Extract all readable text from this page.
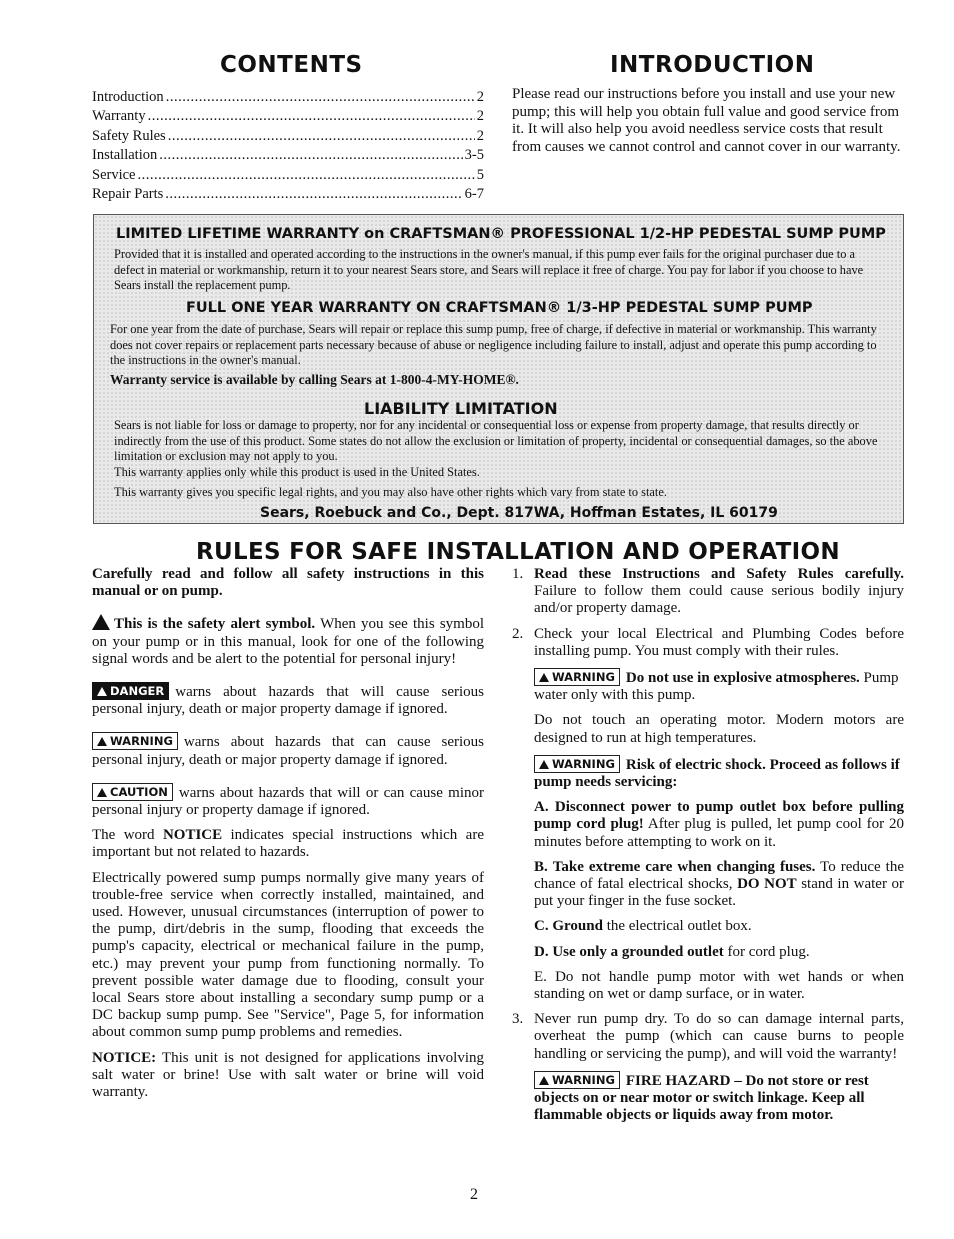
CONTENTS
Introduction .....	2
Warranty .....	2
Safety Rules .....	2
Installation .....	3-5
Service .....	5
Repair Parts .....	6-7
INTRODUCTION

Please read our instructions before you install and use your new pump; this will help you obtain full value and good service from it. It will also help you avoid needless service costs that result from causes we cannot control and cannot cover in our warranty.

LIMITED LIFETIME WARRANTY on CRAFTSMAN® PROFESSIONAL 1/2-HP PEDESTAL SUMP PUMP

Provided that it is installed and operated according to the instructions in the owner's manual, if this pump ever fails for the original purchaser due to a defect in material or workmanship, return it to your nearest Sears store, and Sears will replace it free of charge. You pay for labor if you choose to have Sears install the replacement pump.

FULL ONE YEAR WARRANTY ON CRAFTSMAN® 1/3-HP PEDESTAL SUMP PUMP

For one year from the date of purchase, Sears will repair or replace this sump pump, free of charge, if defective in material or workmanship. This warranty does not cover repairs or replacement parts necessary because of abuse or negligence including failure to install, adjust and operate this pump according to the instructions in the owner's manual.

Warranty service is available by calling Sears at 1-800-4-MY-HOME®.
LIABILITY LIMITATION

Sears is not liable for loss or damage to property, nor for any incidental or consequential loss or expense from property damage, that results directly or indirectly from the use of this product. Some states do not allow the exclusion or limitation of property, incidental or consequential damages, so the above limitation or exclusion may not apply to you.

This warranty applies only while this product is used in the United States.

This warranty gives you specific legal rights, and you may also have other rights which vary from state to state.

Sears, Roebuck and Co., Dept. 817WA, Hoffman Estates, IL 60179
RULES FOR SAFE INSTALLATION AND OPERATION

Carefully read and follow all safety instructions in this manual or on pump.

This is the safety alert symbol. When you see this symbol on your pump or in this manual, look for one of the following signal words and be alert to the potential for personal injury!

DANGER warns about hazards that will cause serious personal injury, death or major property damage if ignored.

WARNING warns about hazards that can cause serious personal injury, death or major property damage if ignored.

CAUTION warns about hazards that will or can cause minor personal injury or property damage if ignored.

The word NOTICE indicates special instructions which are important but not related to hazards.

Electrically powered sump pumps normally give many years of trouble-free service when correctly installed, maintained, and used. However, unusual circumstances (interruption of power to the pump, dirt/debris in the sump, flooding that exceeds the pump's capacity, electrical or mechanical failure in the pump, etc.) may prevent your pump from functioning normally. To prevent possible water damage due to flooding, consult your local Sears store about installing a secondary sump pump or a DC backup sump pump. See "Service", Page 5, for information about common sump pump problems and remedies.

NOTICE: This unit is not designed for applications involving salt water or brine! Use with salt water or brine will void warranty.

1. Read these Instructions and Safety Rules carefully. Failure to follow them could cause serious bodily injury and/or property damage.
2. Check your local Electrical and Plumbing Codes before installing pump. You must comply with their rules.
WARNING Do not use in explosive atmospheres. Pump water only with this pump.

Do not touch an operating motor. Modern motors are designed to run at high temperatures.

WARNING Risk of electric shock. Proceed as follows if pump needs servicing:
A. Disconnect power to pump outlet box before pulling pump cord plug! After plug is pulled, let pump cool for 20 minutes before attempting to work on it.
B. Take extreme care when changing fuses. To reduce the chance of fatal electrical shocks, DO NOT stand in water or put your finger in the fuse socket.
C. Ground the electrical outlet box.
D. Use only a grounded outlet for cord plug.
E. Do not handle pump motor with wet hands or when standing on wet or damp surface, or in water.
3. Never run pump dry. To do so can damage internal parts, overheat the pump (which can cause burns to people handling or servicing the pump), and will void the warranty!
WARNING FIRE HAZARD – Do not store or rest objects on or near motor or switch linkage. Keep all flammable objects or liquids away from motor.
2
